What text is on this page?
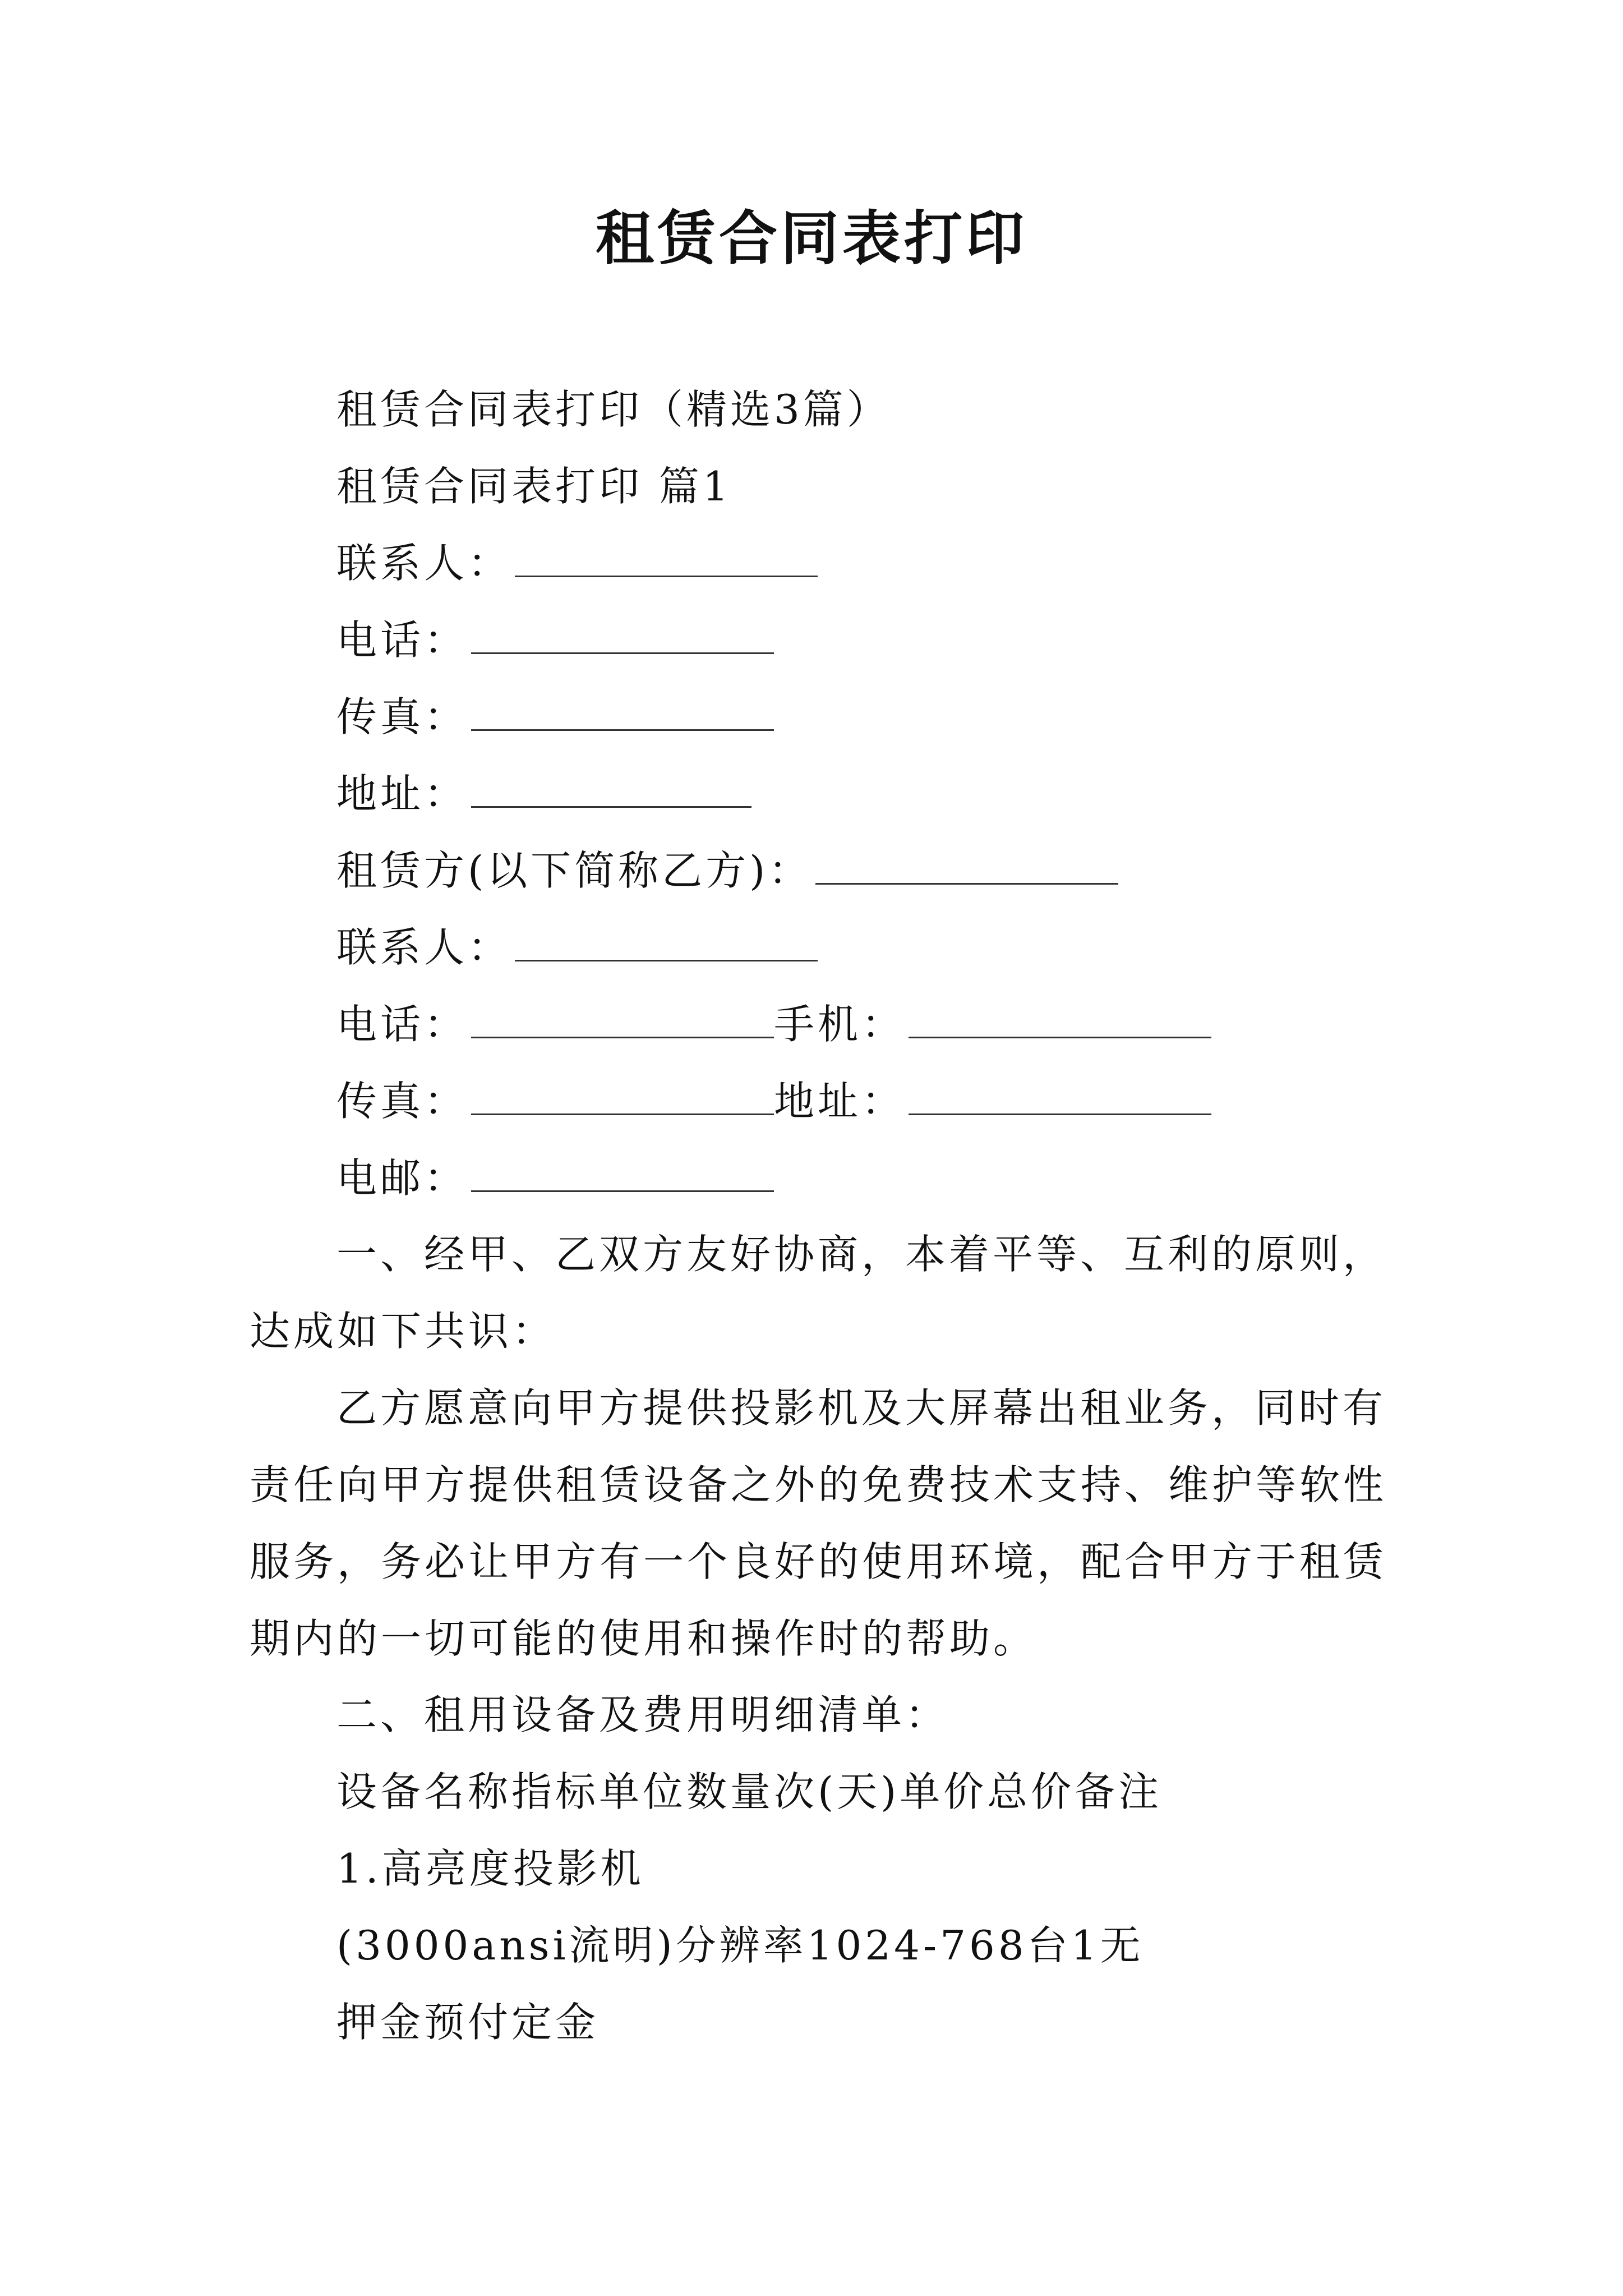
租赁合同表打印
租赁合同表打印（精选3篇）
租赁合同表打印 篇1
联系人：
电话：
传真：
地址：
租赁方(以下简称乙方)：
联系人：
电话：	手机：
传真：	地址：
电邮：
一、经甲、乙双方友好协商，本着平等、互利的原则，达成如下共识：
乙方愿意向甲方提供投影机及大屏幕出租业务，同时有责任向甲方提供租赁设备之外的免费技术支持、维护等软性服务，务必让甲方有一个良好的使用环境，配合甲方于租赁期内的一切可能的使用和操作时的帮助。
二、租用设备及费用明细清单：
设备名称指标单位数量次(天)单价总价备注
1.高亮度投影机
(3000ansi流明)分辨率1024-768台1无
押金预付定金
